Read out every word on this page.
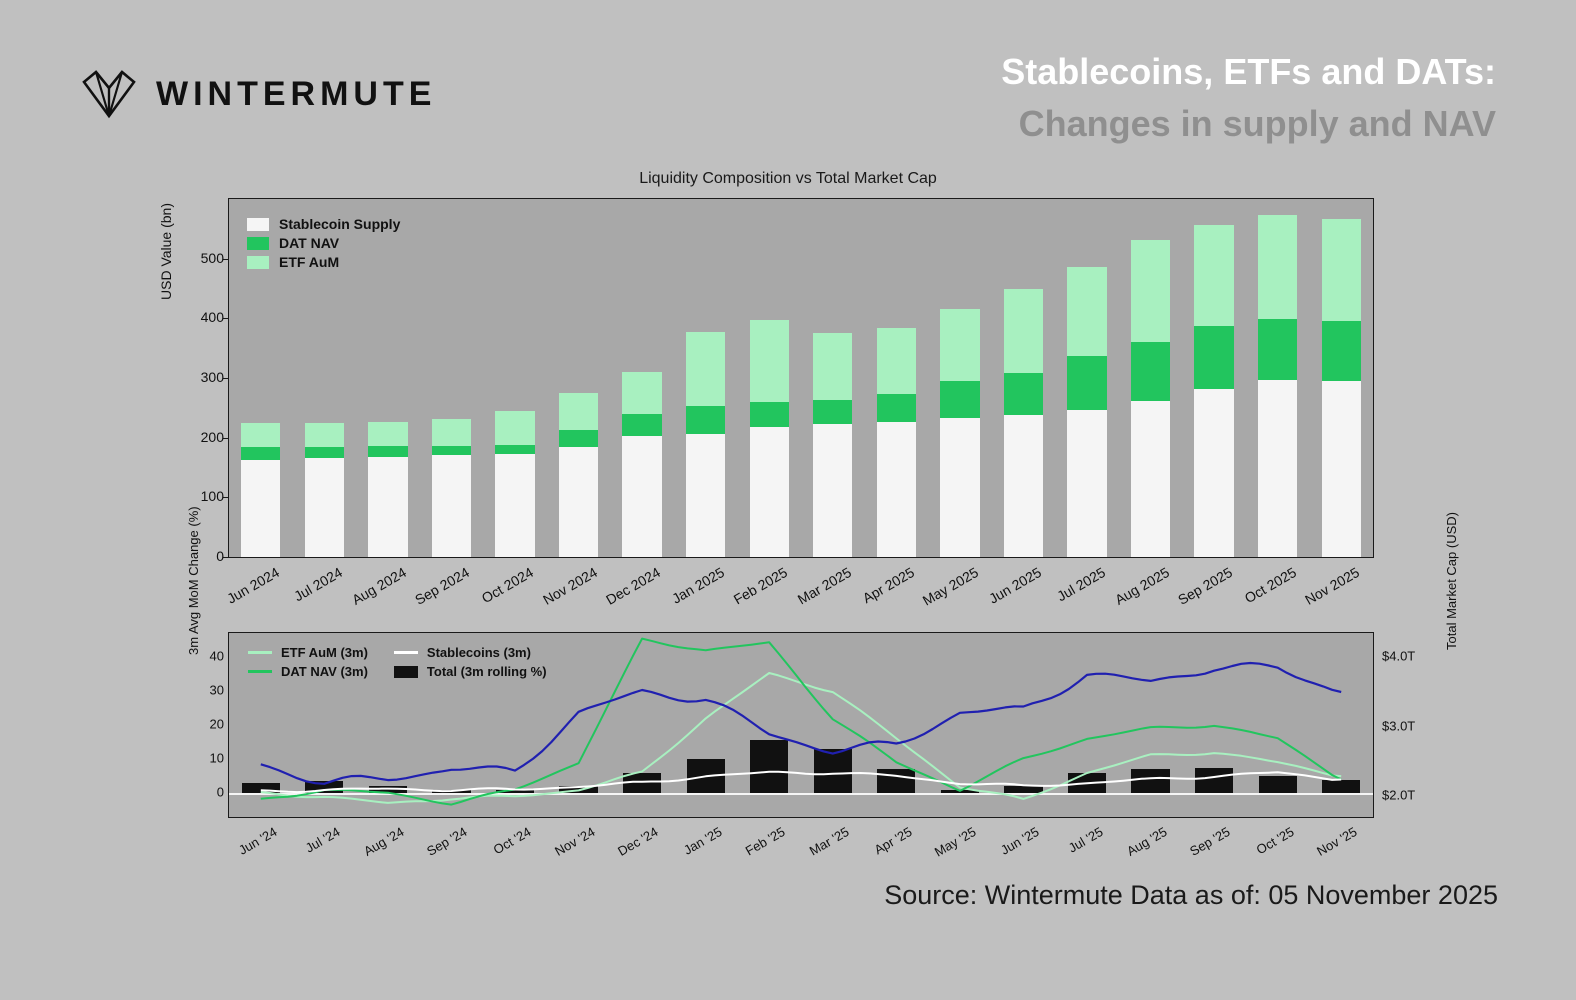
WINTERMUTE
Stablecoins, ETFs and DATs:
Changes in supply and NAV
Liquidity Composition vs Total Market Cap
USD Value (bn)	Stablecoin Supply
DAT NAV
ETF AuM
3m Avg MoM Change (%)	Total Market Cap (USD)
ETF AuM (3m)	Stablecoins (3m)
DAT NAV (3m)	Total (3m rolling %)
Source: Wintermute Data as of: 05 November 2025
0
100
200
300
400
500
Jun 2024 Jul 2024 Aug 2024 Sep 2024 Oct 2024 Nov 2024 Dec 2024 Jan 2025 Feb 2025 Mar 2025 Apr 2025 May 2025 Jun 2025 Jul 2025 Aug 2025 Sep 2025 Oct 2025 Nov 2025
0
10
20
30
40
$2.0T
$3.0T
$4.0T
Jun '24 Jul '24 Aug '24 Sep '24 Oct '24 Nov '24 Dec '24 Jan '25 Feb '25 Mar '25 Apr '25 May '25 Jun '25 Jul '25 Aug '25 Sep '25 Oct '25 Nov '25
